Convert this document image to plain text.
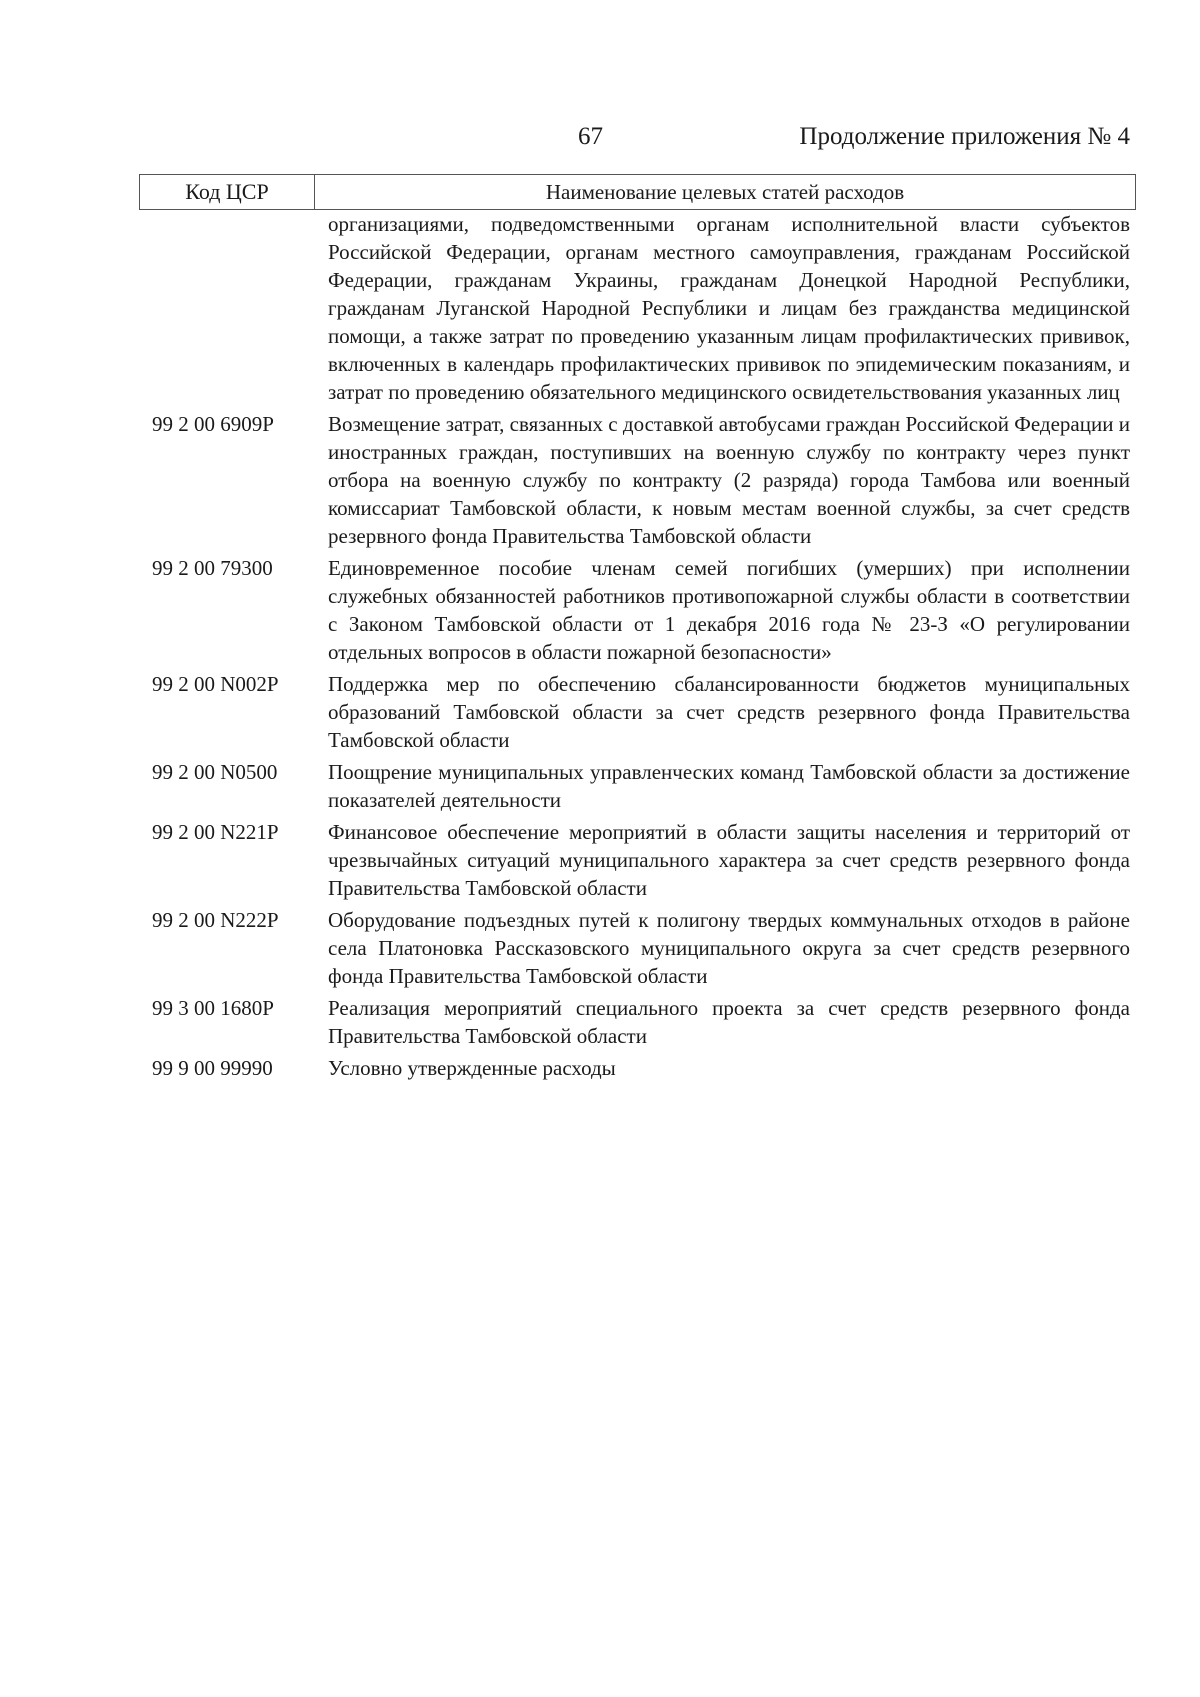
67	Продолжение приложения № 4
Код ЦСР	Наименование целевых статей расходов
организациями, подведомственными органам исполнительной власти субъектов Российской Федерации, органам местного самоуправления, гражданам Российской Федерации, гражданам Украины, гражданам Донецкой Народной Республики, гражданам Луганской Народной Республики и лицам без гражданства медицинской помощи, а также затрат по проведению указанным лицам профилактических прививок, включенных в календарь профилактических прививок по эпидемическим показаниям, и затрат по проведению обязательного медицинского освидетельствования указанных лиц
99 2 00 6909P	Возмещение затрат, связанных с доставкой автобусами граждан Российской Федерации и иностранных граждан, поступивших на военную службу по контракту через пункт отбора на военную службу по контракту (2 разряда) города Тамбова или военный комиссариат Тамбовской области, к новым местам военной службы, за счет средств резервного фонда Правительства Тамбовской области
99 2 00 79300	Единовременное пособие членам семей погибших (умерших) при исполнении служебных обязанностей работников противопожарной службы области в соответствии с Законом Тамбовской области от 1 декабря 2016 года № 23-З «О регулировании отдельных вопросов в области пожарной безопасности»
99 2 00 N002P	Поддержка мер по обеспечению сбалансированности бюджетов муниципальных образований Тамбовской области за счет средств резервного фонда Правительства Тамбовской области
99 2 00 N0500	Поощрение муниципальных управленческих команд Тамбовской области за достижение показателей деятельности
99 2 00 N221P	Финансовое обеспечение мероприятий в области защиты населения и территорий от чрезвычайных ситуаций муниципального характера за счет средств резервного фонда Правительства Тамбовской области
99 2 00 N222P	Оборудование подъездных путей к полигону твердых коммунальных отходов в районе села Платоновка Рассказовского муниципального округа за счет средств резервного фонда Правительства Тамбовской области
99 3 00 1680P	Реализация мероприятий специального проекта за счет средств резервного фонда Правительства Тамбовской области
99 9 00 99990	Условно утвержденные расходы
